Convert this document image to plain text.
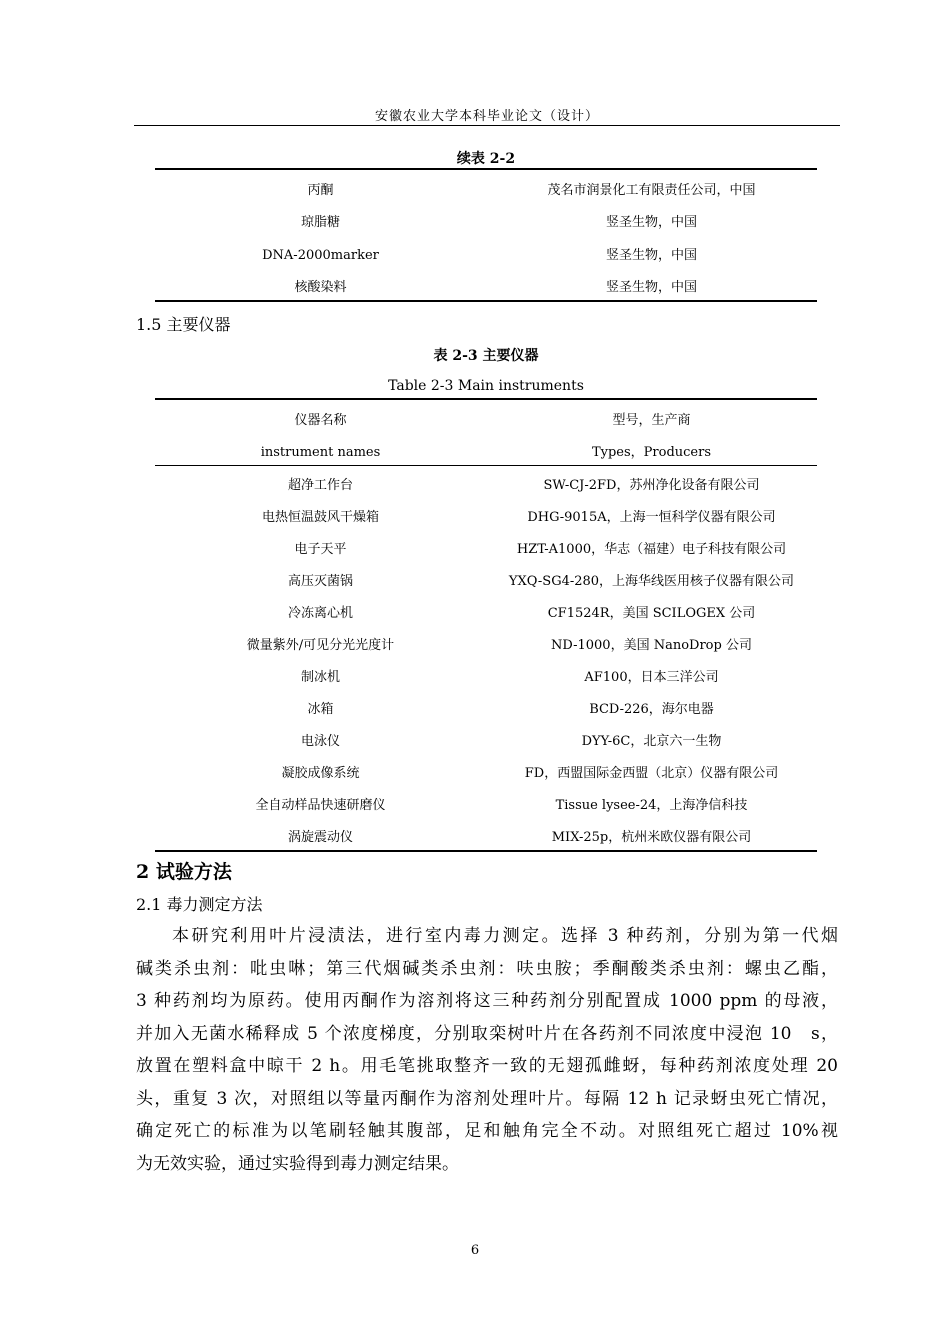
安徽农业大学本科毕业论文（设计）
续表 2-2
丙酮	茂名市润景化工有限责任公司，中国
琼脂糖	竖圣生物，中国
DNA-2000marker	竖圣生物，中国
核酸染料	竖圣生物，中国
1.5 主要仪器
表 2-3 主要仪器
Table 2-3 Main instruments
仪器名称	型号，生产商
instrument names	Types，Producers
超净工作台	SW-CJ-2FD，苏州净化设备有限公司
电热恒温鼓风干燥箱	DHG-9015A，上海一恒科学仪器有限公司
电子天平	HZT-A1000，华志（福建）电子科技有限公司
高压灭菌锅	YXQ-SG4-280，上海华线医用核子仪器有限公司
冷冻离心机	CF1524R，美国 SCILOGEX 公司
微量紫外/可见分光光度计	ND-1000，美国 NanoDrop 公司
制冰机	AF100，日本三洋公司
冰箱	BCD-226，海尔电器
电泳仪	DYY-6C，北京六一生物
凝胶成像系统	FD，西盟国际金西盟（北京）仪器有限公司
全自动样品快速研磨仪	Tissue lysee-24，上海净信科技
涡旋震动仪	MIX-25p，杭州米欧仪器有限公司
2 试验方法
2.1 毒力测定方法
本研究利用叶片浸渍法，进行室内毒力测定。选择 3 种药剂，分别为第一代烟
碱类杀虫剂：吡虫啉；第三代烟碱类杀虫剂：呋虫胺；季酮酸类杀虫剂：螺虫乙酯，
3 种药剂均为原药。使用丙酮作为溶剂将这三种药剂分别配置成 1000 ppm 的母液，
并加入无菌水稀释成 5 个浓度梯度，分别取栾树叶片在各药剂不同浓度中浸泡 10　s，
放置在塑料盒中晾干 2 h。用毛笔挑取整齐一致的无翅孤雌蚜，每种药剂浓度处理 20
头，重复 3 次，对照组以等量丙酮作为溶剂处理叶片。每隔 12 h 记录蚜虫死亡情况，
确定死亡的标准为以笔刷轻触其腹部，足和触角完全不动。对照组死亡超过 10%视
为无效实验，通过实验得到毒力测定结果。
6
